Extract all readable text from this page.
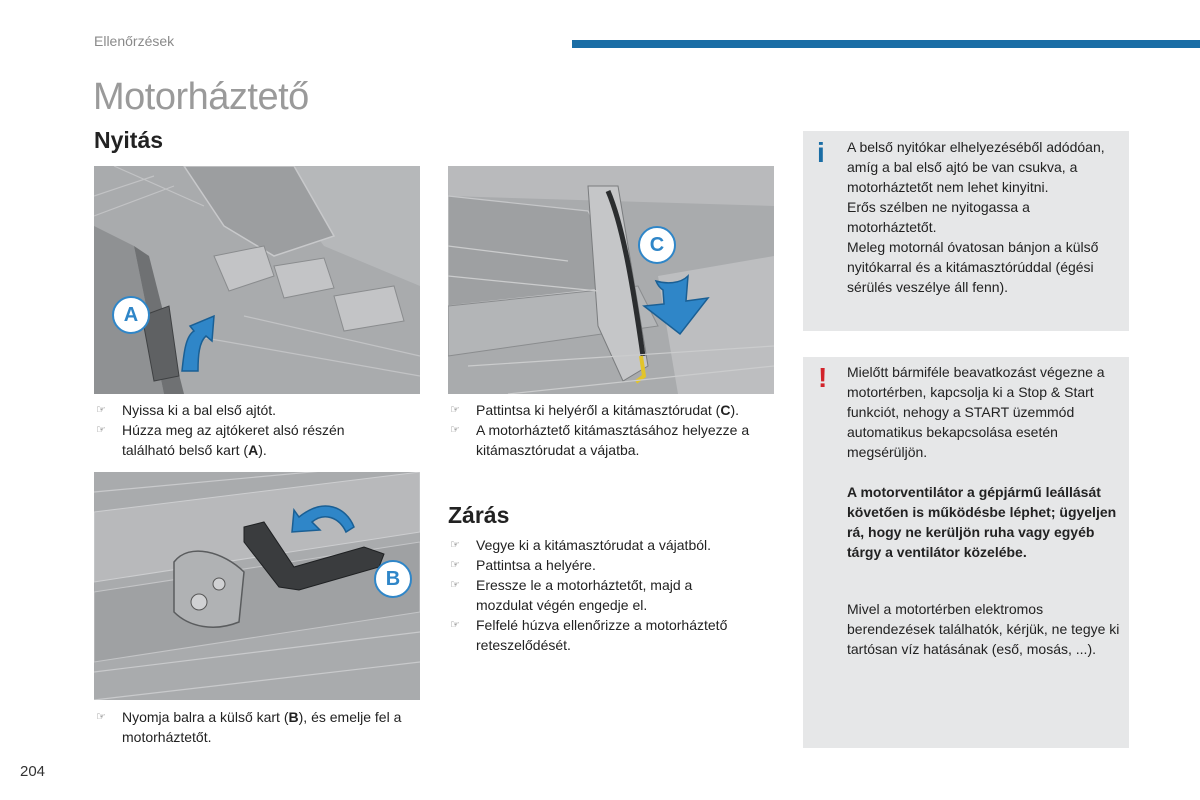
Ellenőrzések
Motorháztető
Nyitás
A
C
☞ Nyissa ki a bal első ajtót.
☞ Húzza meg az ajtókeret alsó részén található belső kart (A).
☞ Pattintsa ki helyéről a kitámasztórudat (C).
☞ A motorháztető kitámasztásához helyezze a kitámasztórudat a vájatba.
B
☞ Nyomja balra a külső kart (B), és emelje fel a motorháztetőt.
Zárás
☞ Vegye ki a kitámasztórudat a vájatból.
☞ Pattintsa a helyére.
☞ Eressze le a motorháztetőt, majd a mozdulat végén engedje el.
☞ Felfelé húzva ellenőrizze a motorháztető reteszelődését.
i A belső nyitókar elhelyezéséből adódóan, amíg a bal első ajtó be van csukva, a motorháztetőt nem lehet kinyitni.

Erős szélben ne nyitogassa a motorháztetőt.

Meleg motornál óvatosan bánjon a külső nyitókarral és a kitámasztórúddal (égési sérülés veszélye áll fenn).

! Mielőtt bármiféle beavatkozást végezne a motortérben, kapcsolja ki a Stop & Start funkciót, nehogy a START üzemmód automatikus bekapcsolása esetén megsérüljön.

A motorventilátor a gépjármű leállását követően is működésbe léphet; ügyeljen rá, hogy ne kerüljön ruha vagy egyéb tárgy a ventilátor közelébe.

Mivel a motortérben elektromos berendezések találhatók, kérjük, ne tegye ki tartósan víz hatásának (eső, mosás, ...).

204
